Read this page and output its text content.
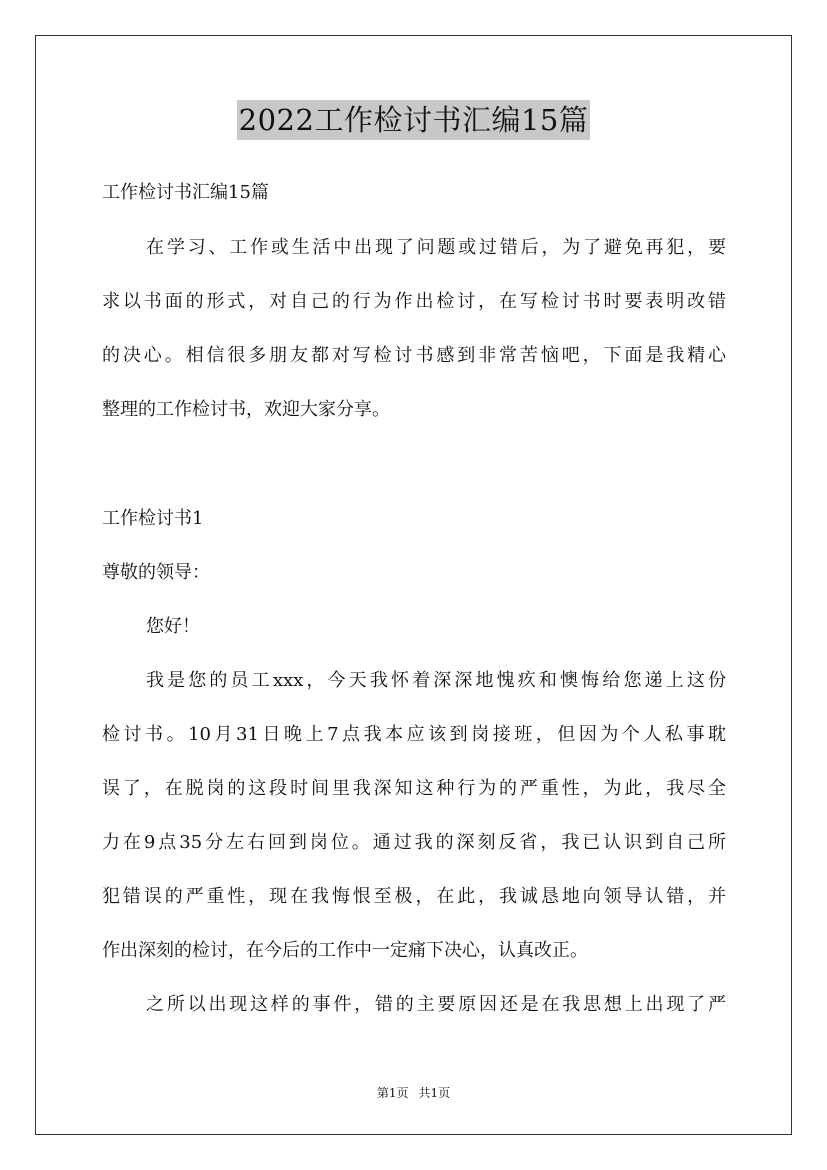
2022工作检讨书汇编15篇
工作检讨书汇编15篇
在学习、工作或生活中出现了问题或过错后，为了避免再犯，要
求以书面的形式，对自己的行为作出检讨，在写检讨书时要表明改错
的决心。相信很多朋友都对写检讨书感到非常苦恼吧，下面是我精心
整理的工作检讨书，欢迎大家分享。
工作检讨书1
尊敬的领导：
您好！
我是您的员工xxx，今天我怀着深深地愧疚和懊悔给您递上这份
检讨书。10月31日晚上7点我本应该到岗接班，但因为个人私事耽
误了，在脱岗的这段时间里我深知这种行为的严重性，为此，我尽全
力在9点35分左右回到岗位。通过我的深刻反省，我已认识到自己所
犯错误的严重性，现在我悔恨至极，在此，我诚恳地向领导认错，并
作出深刻的检讨，在今后的工作中一定痛下决心，认真改正。
之所以出现这样的事件，错的主要原因还是在我思想上出现了严
第1页 共1页
